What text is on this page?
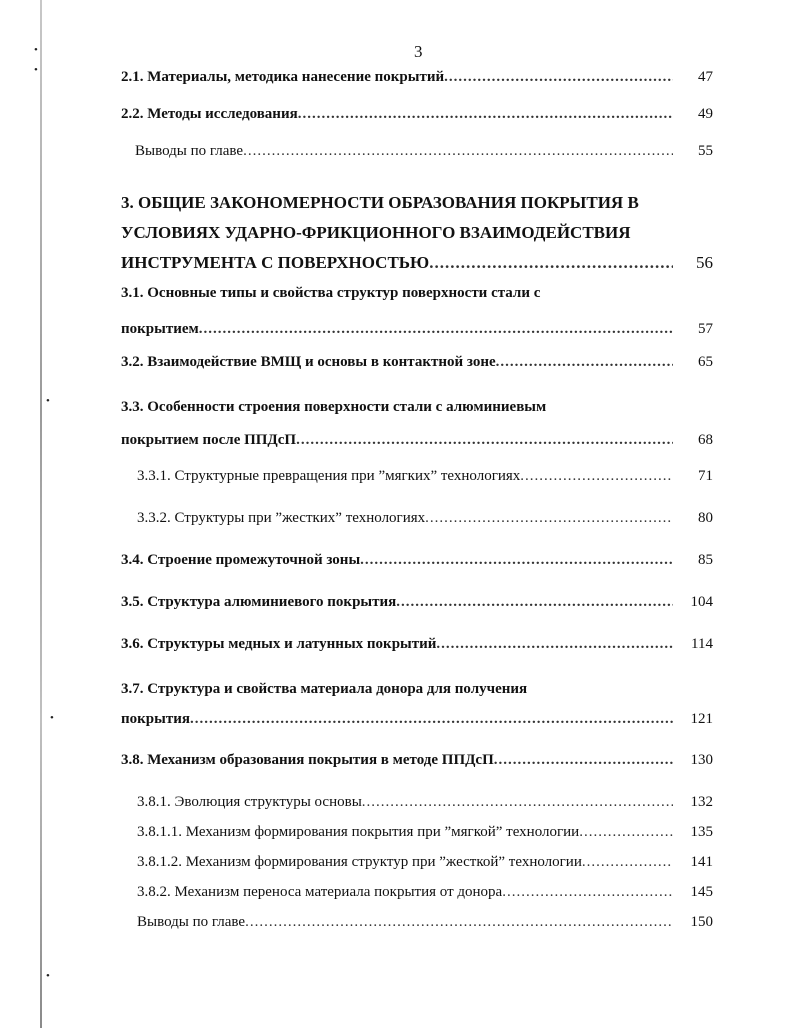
•
•
•
•
•
3
2.1. Материалы, методика нанесение покрытий .....	47
2.2. Методы исследования .....	49
Выводы по главе .....	55
3. ОБЩИЕ ЗАКОНОМЕРНОСТИ ОБРАЗОВАНИЯ ПОКРЫТИЯ В
УСЛОВИЯХ УДАРНО-ФРИКЦИОННОГО ВЗАИМОДЕЙСТВИЯ
ИНСТРУМЕНТА С ПОВЕРХНОСТЬЮ .....	56
3.1. Основные типы и свойства структур поверхности стали с
покрытием .....	57
3.2. Взаимодействие ВМЩ и основы в контактной зоне .....	65
3.3. Особенности строения поверхности стали с алюминиевым
покрытием после ППДсП .....	68
3.3.1. Структурные превращения при ”мягких” технологиях .....	71
3.3.2. Структуры при ”жестких” технологиях .....	80
3.4. Строение промежуточной зоны .....	85
3.5. Структура алюминиевого покрытия .....	104
3.6. Структуры медных и латунных покрытий .....	114
3.7. Структура и свойства материала донора для получения
покрытия .....	121
3.8. Механизм образования покрытия в методе ППДсП .....	130
3.8.1. Эволюция структуры основы .....	132
3.8.1.1. Механизм формирования покрытия при ”мягкой” технологии .....	135
3.8.1.2. Механизм формирования структур при ”жесткой” технологии .....	141
3.8.2. Механизм переноса материала покрытия от донора .....	145
Выводы по главе .....	150
